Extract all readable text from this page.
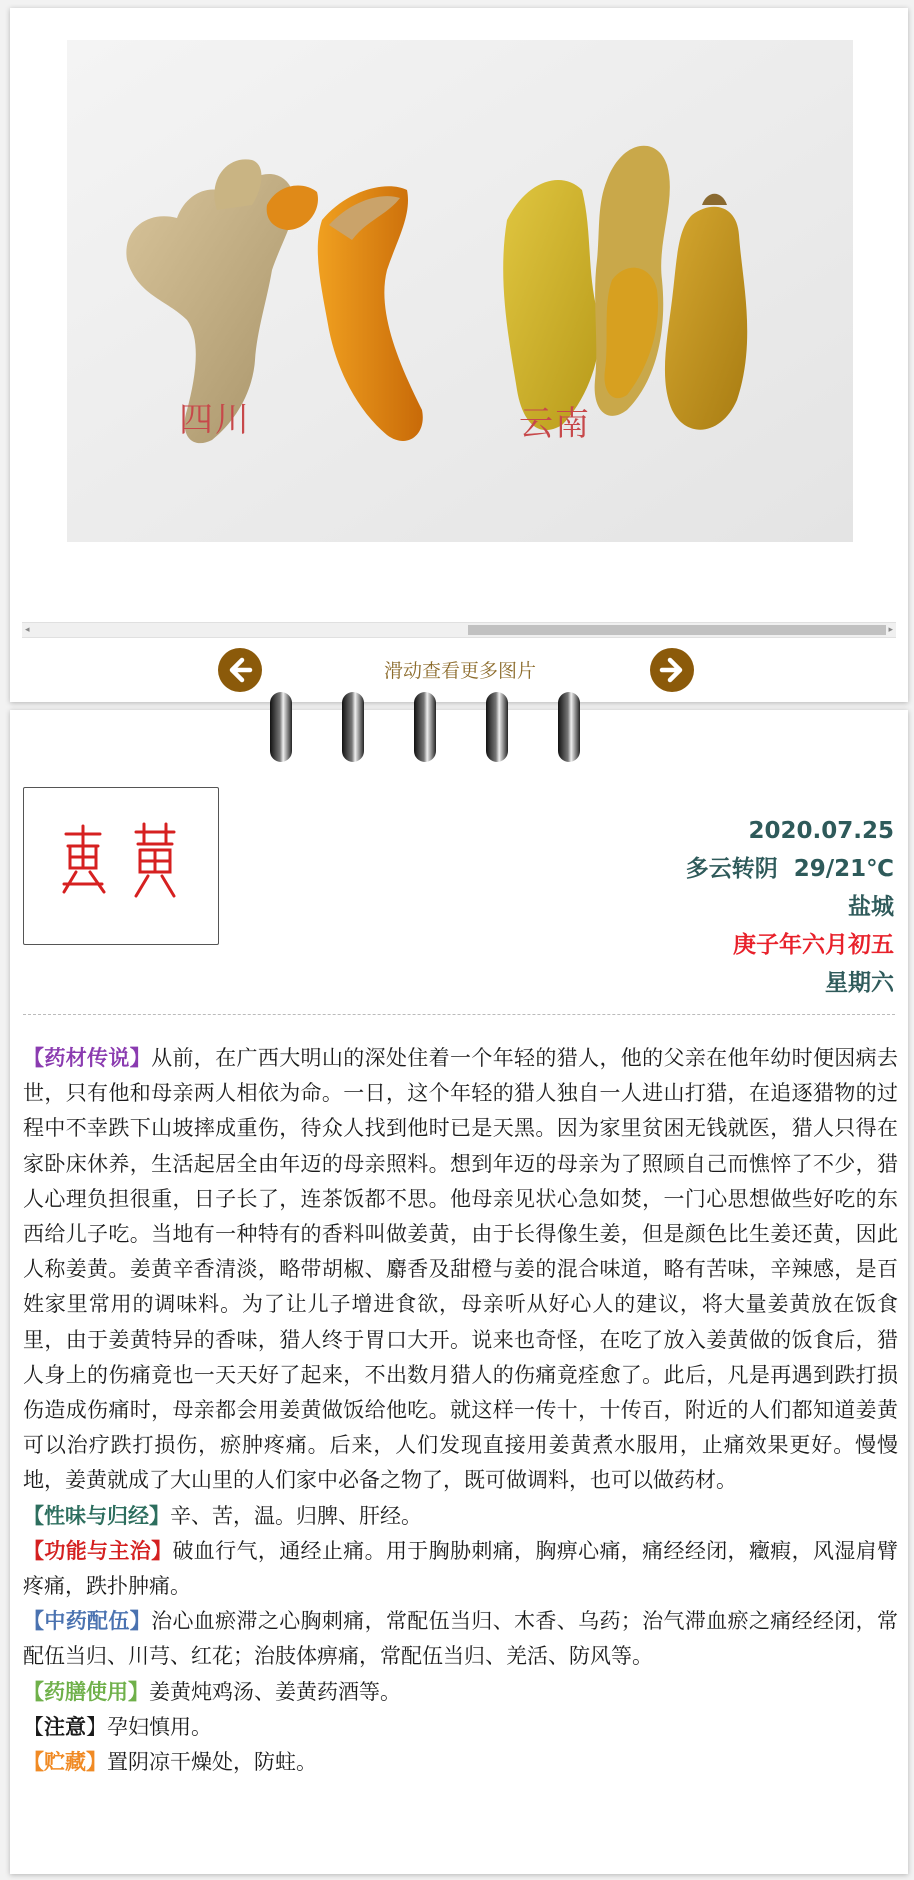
四川	云南
◂	▸
滑动查看更多图片
2020.07.25
多云转阴  29/21℃
盐城
庚子年六月初五
星期六

【药材传说】从前，在广西大明山的深处住着一个年轻的猎人，他的父亲在他年幼时便因病去世，只有他和母亲两人相依为命。一日，这个年轻的猎人独自一人进山打猎，在追逐猎物的过程中不幸跌下山坡摔成重伤，待众人找到他时已是天黑。因为家里贫困无钱就医，猎人只得在家卧床休养，生活起居全由年迈的母亲照料。想到年迈的母亲为了照顾自己而憔悴了不少，猎人心理负担很重，日子长了，连茶饭都不思。他母亲见状心急如焚，一门心思想做些好吃的东西给儿子吃。当地有一种特有的香料叫做姜黄，由于长得像生姜，但是颜色比生姜还黄，因此人称姜黄。姜黄辛香清淡，略带胡椒、麝香及甜橙与姜的混合味道，略有苦味，辛辣感，是百姓家里常用的调味料。为了让儿子增进食欲，母亲听从好心人的建议，将大量姜黄放在饭食里，由于姜黄特异的香味，猎人终于胃口大开。说来也奇怪，在吃了放入姜黄做的饭食后，猎人身上的伤痛竟也一天天好了起来，不出数月猎人的伤痛竟痊愈了。此后，凡是再遇到跌打损伤造成伤痛时，母亲都会用姜黄做饭给他吃。就这样一传十，十传百，附近的人们都知道姜黄可以治疗跌打损伤，瘀肿疼痛。后来，人们发现直接用姜黄煮水服用，止痛效果更好。慢慢地，姜黄就成了大山里的人们家中必备之物了，既可做调料，也可以做药材。

【性味与归经】辛、苦，温。归脾、肝经。

【功能与主治】破血行气，通经止痛。用于胸胁刺痛，胸痹心痛，痛经经闭，癥瘕，风湿肩臂疼痛，跌扑肿痛。

【中药配伍】治心血瘀滞之心胸刺痛，常配伍当归、木香、乌药；治气滞血瘀之痛经经闭，常配伍当归、川芎、红花；治肢体痹痛，常配伍当归、羌活、防风等。

【药膳使用】姜黄炖鸡汤、姜黄药酒等。

【注意】孕妇慎用。

【贮藏】置阴凉干燥处，防蛀。
